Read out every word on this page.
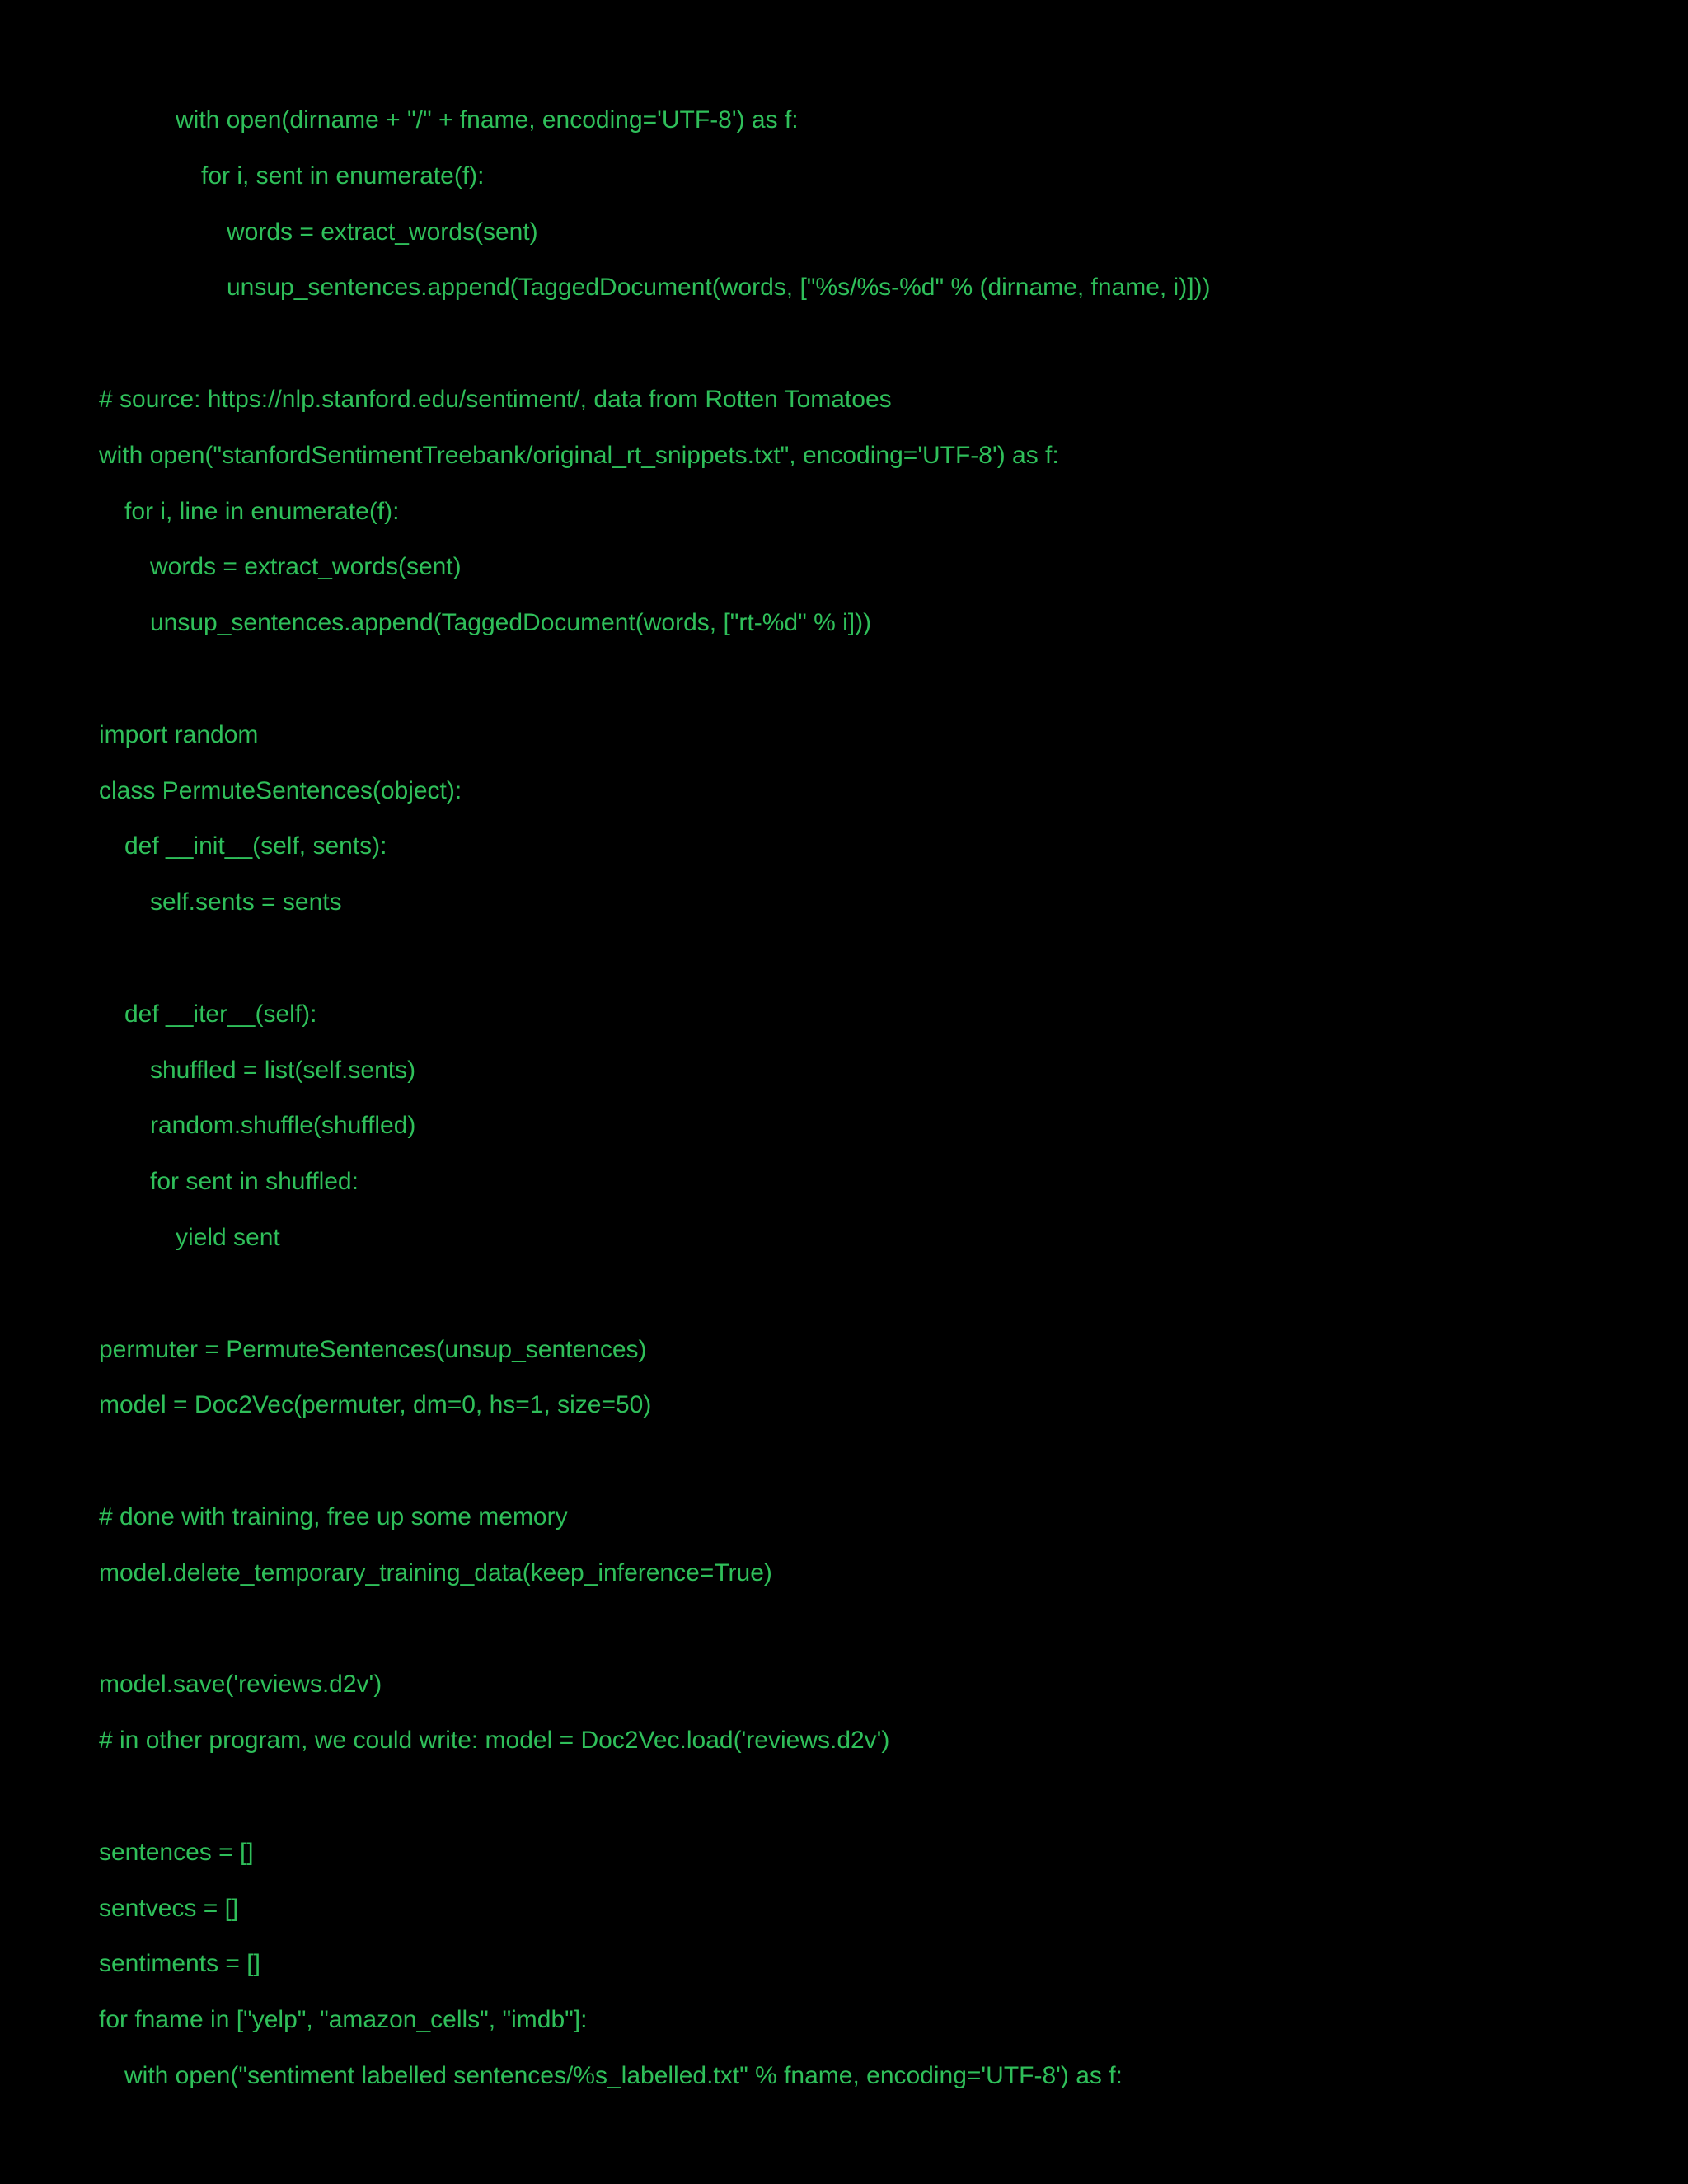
with open(dirname + "/" + fname, encoding='UTF-8') as f:
for i, sent in enumerate(f):
words = extract_words(sent)
unsup_sentences.append(TaggedDocument(words, ["%s/%s-%d" % (dirname, fname, i)]))
# source: https://nlp.stanford.edu/sentiment/, data from Rotten Tomatoes
with open("stanfordSentimentTreebank/original_rt_snippets.txt", encoding='UTF-8') as f:
for i, line in enumerate(f):
words = extract_words(sent)
unsup_sentences.append(TaggedDocument(words, ["rt-%d" % i]))
import random
class PermuteSentences(object):
def __init__(self, sents):
self.sents = sents
def __iter__(self):
shuffled = list(self.sents)
random.shuffle(shuffled)
for sent in shuffled:
yield sent
permuter = PermuteSentences(unsup_sentences)
model = Doc2Vec(permuter, dm=0, hs=1, size=50)
# done with training, free up some memory
model.delete_temporary_training_data(keep_inference=True)
model.save('reviews.d2v')
# in other program, we could write: model = Doc2Vec.load('reviews.d2v')
sentences = []
sentvecs = []
sentiments = []
for fname in ["yelp", "amazon_cells", "imdb"]:
with open("sentiment labelled sentences/%s_labelled.txt" % fname, encoding='UTF-8') as f:
